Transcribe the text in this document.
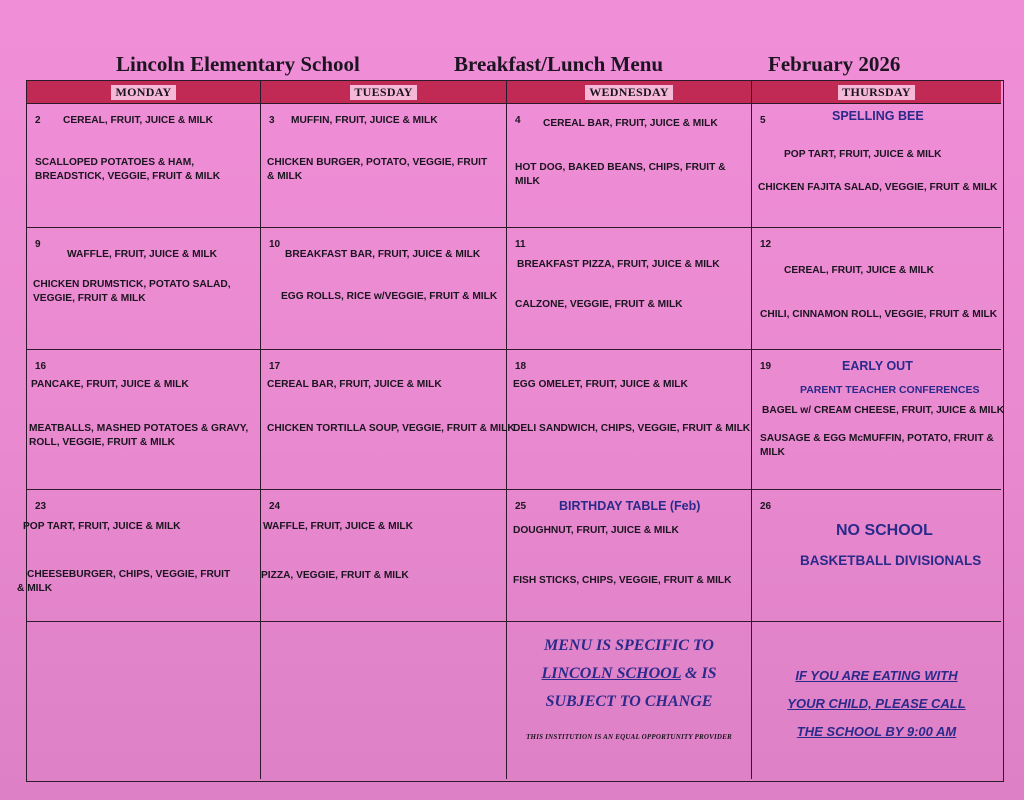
Lincoln Elementary School	Breakfast/Lunch Menu	February 2026
MONDAY	TUESDAY	WEDNESDAY	THURSDAY
2 CEREAL, FRUIT, JUICE & MILK
SCALLOPED POTATOES & HAM, BREADSTICK, VEGGIE, FRUIT & MILK
3 MUFFIN, FRUIT, JUICE & MILK
CHICKEN BURGER, POTATO, VEGGIE, FRUIT & MILK
4 CEREAL BAR, FRUIT, JUICE & MILK
HOT DOG, BAKED BEANS, CHIPS, FRUIT & MILK
5	SPELLING BEE
POP TART, FRUIT, JUICE & MILK
CHICKEN FAJITA SALAD, VEGGIE, FRUIT & MILK
9
WAFFLE, FRUIT, JUICE & MILK
CHICKEN DRUMSTICK, POTATO SALAD, VEGGIE, FRUIT & MILK
10
BREAKFAST BAR, FRUIT, JUICE & MILK
EGG ROLLS, RICE w/VEGGIE, FRUIT & MILK
11
BREAKFAST PIZZA, FRUIT, JUICE & MILK
CALZONE, VEGGIE, FRUIT & MILK
12
CEREAL, FRUIT, JUICE & MILK
CHILI, CINNAMON ROLL, VEGGIE, FRUIT & MILK
16
PANCAKE, FRUIT, JUICE & MILK
MEATBALLS, MASHED POTATOES & GRAVY, ROLL, VEGGIE, FRUIT & MILK
17
CEREAL BAR, FRUIT, JUICE & MILK
CHICKEN TORTILLA SOUP, VEGGIE, FRUIT & MILK
18
EGG OMELET, FRUIT, JUICE & MILK
DELI SANDWICH, CHIPS, VEGGIE, FRUIT & MILK
19	EARLY OUT
PARENT TEACHER CONFERENCES
BAGEL w/ CREAM CHEESE, FRUIT, JUICE & MILK
SAUSAGE & EGG McMUFFIN, POTATO, FRUIT & MILK
23
POP TART, FRUIT, JUICE & MILK
CHEESEBURGER, CHIPS, VEGGIE, FRUIT & MILK
24
WAFFLE, FRUIT, JUICE & MILK
PIZZA, VEGGIE, FRUIT & MILK
25	BIRTHDAY TABLE (Feb)
DOUGHNUT, FRUIT, JUICE & MILK
FISH STICKS, CHIPS, VEGGIE, FRUIT & MILK
26
NO SCHOOL
BASKETBALL DIVISIONALS
MENU IS SPECIFIC TO
LINCOLN SCHOOL & IS
SUBJECT TO CHANGE
THIS INSTITUTION IS AN EQUAL OPPORTUNITY PROVIDER
IF YOU ARE EATING WITH
YOUR CHILD, PLEASE CALL
THE SCHOOL BY 9:00 AM
